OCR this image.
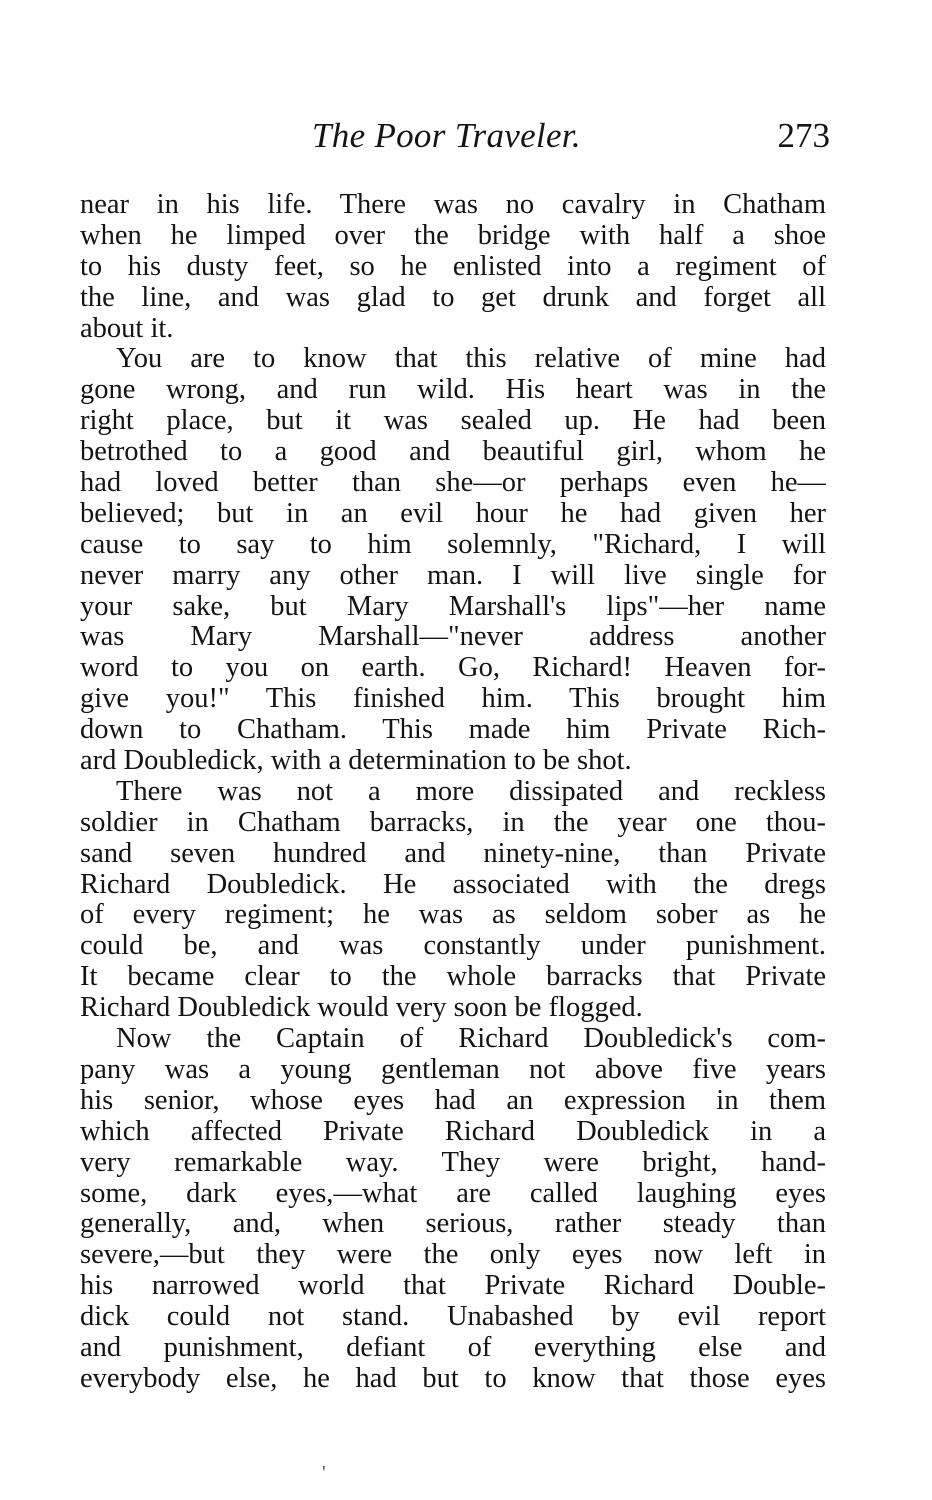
The Poor Traveler.	273
near in his life. There was no cavalry in Chatham
when he limped over the bridge with half a shoe
to his dusty feet, so he enlisted into a regiment of
the line, and was glad to get drunk and forget all
about it.
You are to know that this relative of mine had
gone wrong, and run wild. His heart was in the
right place, but it was sealed up. He had been
betrothed to a good and beautiful girl, whom he
had loved better than she—or perhaps even he—
believed; but in an evil hour he had given her
cause to say to him solemnly, "Richard, I will
never marry any other man. I will live single for
your sake, but Mary Marshall's lips"—her name
was Mary Marshall—"never address another
word to you on earth. Go, Richard! Heaven for-
give you!" This finished him. This brought him
down to Chatham. This made him Private Rich-
ard Doubledick, with a determination to be shot.
There was not a more dissipated and reckless
soldier in Chatham barracks, in the year one thou-
sand seven hundred and ninety-nine, than Private
Richard Doubledick. He associated with the dregs
of every regiment; he was as seldom sober as he
could be, and was constantly under punishment.
It became clear to the whole barracks that Private
Richard Doubledick would very soon be flogged.
Now the Captain of Richard Doubledick's com-
pany was a young gentleman not above five years
his senior, whose eyes had an expression in them
which affected Private Richard Doubledick in a
very remarkable way. They were bright, hand-
some, dark eyes,—what are called laughing eyes
generally, and, when serious, rather steady than
severe,—but they were the only eyes now left in
his narrowed world that Private Richard Double-
dick could not stand. Unabashed by evil report
and punishment, defiant of everything else and
everybody else, he had but to know that those eyes
'
